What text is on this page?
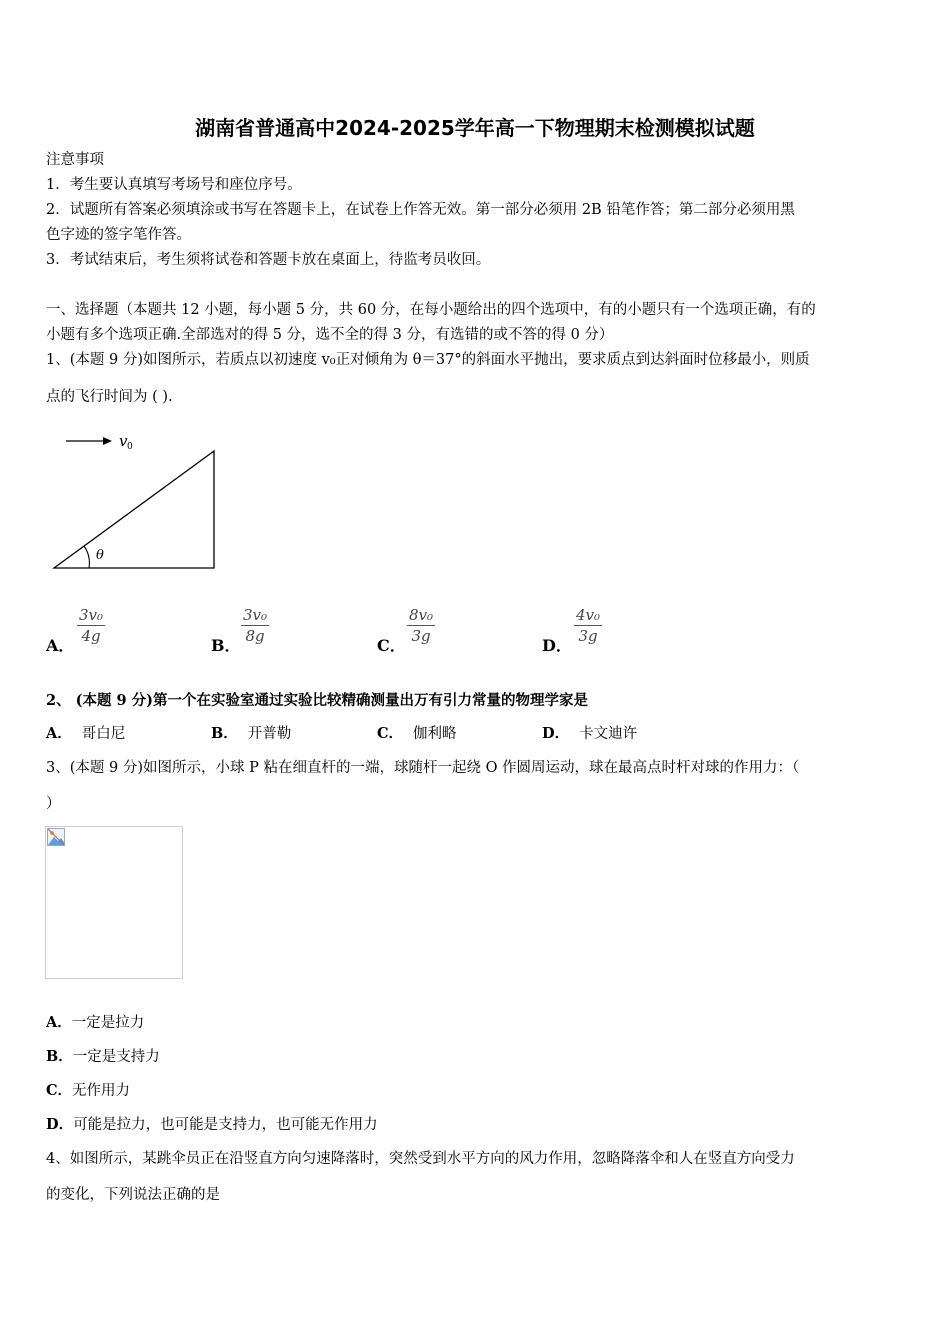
湖南省普通高中2024-2025学年高一下物理期末检测模拟试题
注意事项
1．考生要认真填写考场号和座位序号。
2．试题所有答案必须填涂或书写在答题卡上，在试卷上作答无效。第一部分必须用 2B 铅笔作答；第二部分必须用黑
色字迹的签字笔作答。
3．考试结束后，考生须将试卷和答题卡放在桌面上，待监考员收回。
一、选择题（本题共 12 小题，每小题 5 分，共 60 分，在每小题给出的四个选项中，有的小题只有一个选项正确，有的
小题有多个选项正确.全部选对的得 5 分，选不全的得 3 分，有选错的或不答的得 0 分）
1、(本题 9 分)如图所示，若质点以初速度 v₀正对倾角为 θ＝37°的斜面水平抛出，要求质点到达斜面时位移最小，则质
点的飞行时间为 ( ).
v 0
θ
A． $\frac{\text{3v₀}}{4g}$	B． $\frac{\text{3v₀}}{8g}$	C． $\frac{\text{8v₀}}{3g}$	D． $\frac{\text{4v₀}}{3g}$
2、 (本题 9 分)第一个在实验室通过实验比较精确测量出万有引力常量的物理学家是
A． 哥白尼	B． 开普勒	C． 伽利略	D． 卡文迪许
3、(本题 9 分)如图所示，小球 P 粘在细直杆的一端，球随杆一起绕 O 作圆周运动，球在最高点时杆对球的作用力：（
）
A．一定是拉力
B．一定是支持力
C．无作用力
D．可能是拉力，也可能是支持力，也可能无作用力
4、如图所示，某跳伞员正在沿竖直方向匀速降落时，突然受到水平方向的风力作用，忽略降落伞和人在竖直方向受力
的变化，下列说法正确的是
